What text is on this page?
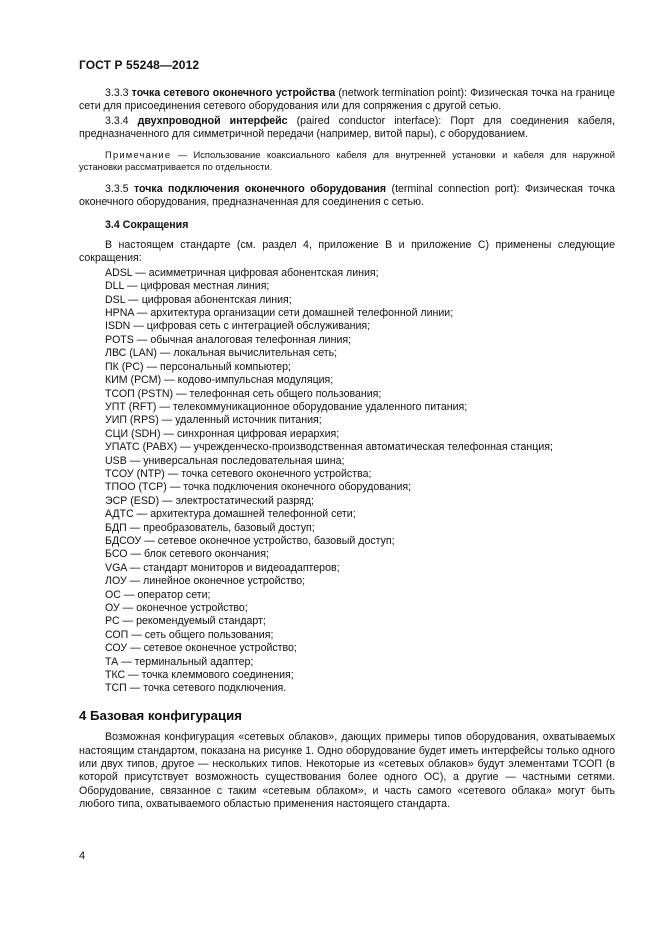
ГОСТ Р 55248—2012

3.3.3 точка сетевого оконечного устройства (network termination point): Физическая точка на границе сети для присоединения сетевого оборудования или для сопряжения с другой сетью.

3.3.4 двухпроводной интерфейс (paired conductor interface): Порт для соединения кабеля, предназначенного для симметричной передачи (например, витой пары), с оборудованием.

Примечание — Использование коаксиального кабеля для внутренней установки и кабеля для наружной установки рассматривается по отдельности.

3.3.5 точка подключения оконечного оборудования (terminal connection port): Физическая точка оконечного оборудования, предназначенная для соединения с сетью.

3.4 Сокращения

В настоящем стандарте (см. раздел 4, приложение В и приложение С) применены следующие сокращения:

ADSL — асимметричная цифровая абонентская линия;
DLL — цифровая местная линия;
DSL — цифровая абонентская линия;
HPNA — архитектура организации сети домашней телефонной линии;
ISDN — цифровая сеть с интеграцией обслуживания;
POTS — обычная аналоговая телефонная линия;
ЛВС (LAN) — локальная вычислительная сеть;
ПК (PC) — персональный компьютер;
КИМ (PCM) — кодово-импульсная модуляция;
ТСОП (PSTN) — телефонная сеть общего пользования;
УПТ (RFT) — телекоммуникационное оборудование удаленного питания;
УИП (RPS) — удаленный источник питания;
СЦИ (SDH) — синхронная цифровая иерархия;
УПАТС (PABX) — учрежденческо-производственная автоматическая телефонная станция;
USB — универсальная последовательная шина;
ТСОУ (NTP) — точка сетевого оконечного устройства;
ТПОО (TCP) — точка подключения оконечного оборудования;
ЭСР (ESD) — электростатический разряд;
АДТС — архитектура домашней телефонной сети;
БДП — преобразователь, базовый доступ;
БДСОУ — сетевое оконечное устройство, базовый доступ;
БСО — блок сетевого окончания;
VGA — стандарт мониторов и видеоадаптеров;
ЛОУ — линейное оконечное устройство;
ОС — оператор сети;
ОУ — оконечное устройство;
РС — рекомендуемый стандарт;
СОП — сеть общего пользования;
СОУ — сетевое оконечное устройство;
ТА — терминальный адаптер;
ТКС — точка клеммового соединения;
ТСП — точка сетевого подключения.
4 Базовая конфигурация

Возможная конфигурация «сетевых облаков», дающих примеры типов оборудования, охватываемых настоящим стандартом, показана на рисунке 1. Одно оборудование будет иметь интерфейсы только одного или двух типов, другое — нескольких типов. Некоторые из «сетевых облаков» будут элементами ТСОП (в которой присутствует возможность существования более одного ОС), а другие — частными сетями. Оборудование, связанное с таким «сетевым облаком», и часть самого «сетевого облака» могут быть любого типа, охватываемого областью применения настоящего стандарта.

4
